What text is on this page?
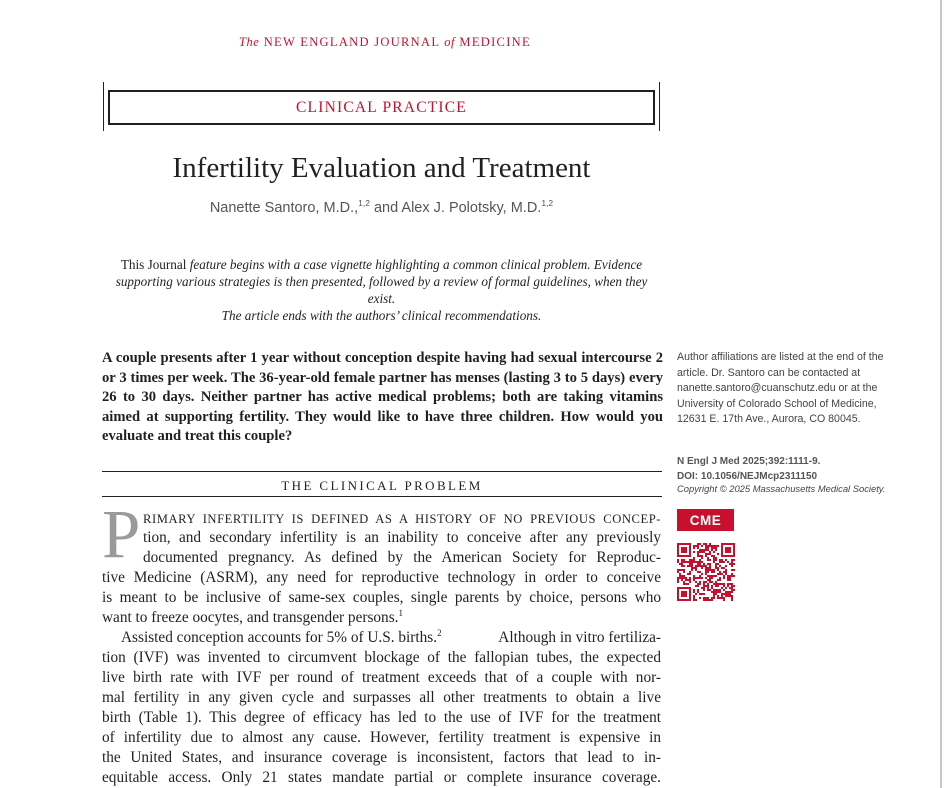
The NEW ENGLAND JOURNAL of MEDICINE
CLINICAL PRACTICE
Infertility Evaluation and Treatment
Nanette Santoro, M.D.,$^{1,2}$ and Alex J. Polotsky, M.D.$^{1,2}$
This Journal feature begins with a case vignette highlighting a common clinical problem. Evidence
supporting various strategies is then presented, followed by a review of formal guidelines, when they exist.
The article ends with the authors’ clinical recommendations.
A couple presents after 1 year without conception despite having had sexual intercourse 2 or 3 times per week. The 36-year-old female partner has menses (lasting 3 to 5 days) every 26 to 30 days. Neither partner has active medical problems; both are taking vitamins aimed at supporting fertility. They would like to have three children. How would you evaluate and treat this couple?
THE CLINICAL PROBLEM
P RIMARY INFERTILITY IS DEFINED AS A HISTORY OF NO PREVIOUS CONCEP-
tion, and secondary infertility is an inability to conceive after any previously
documented pregnancy. As defined by the American Society for Reproduc-
tive Medicine (ASRM), any need for reproductive technology in order to conceive
is meant to be inclusive of same-sex couples, single parents by choice, persons who
want to freeze oocytes, and transgender persons.$^1$
Assisted conception accounts for 5% of U.S. births.$^2$	Although in vitro fertiliza-
tion (IVF) was invented to circumvent blockage of the fallopian tubes, the expected
live birth rate with IVF per round of treatment exceeds that of a couple with nor-
mal fertility in any given cycle and surpasses all other treatments to obtain a live
birth (Table 1). This degree of efficacy has led to the use of IVF for the treatment
of infertility due to almost any cause. However, fertility treatment is expensive in
the United States, and insurance coverage is inconsistent, factors that lead to in-
equitable access. Only 21 states mandate partial or complete insurance coverage.
Author affiliations are listed at the end of the article. Dr. Santoro can be contacted at nanette.santoro@cuanschutz.edu or at the University of Colorado School of Medicine, 12631 E. 17th Ave., Aurora, CO 80045.
N Engl J Med 2025;392:1111-9.
DOI: 10.1056/NEJMcp2311150
Copyright © 2025 Massachusetts Medical Society.
CME
